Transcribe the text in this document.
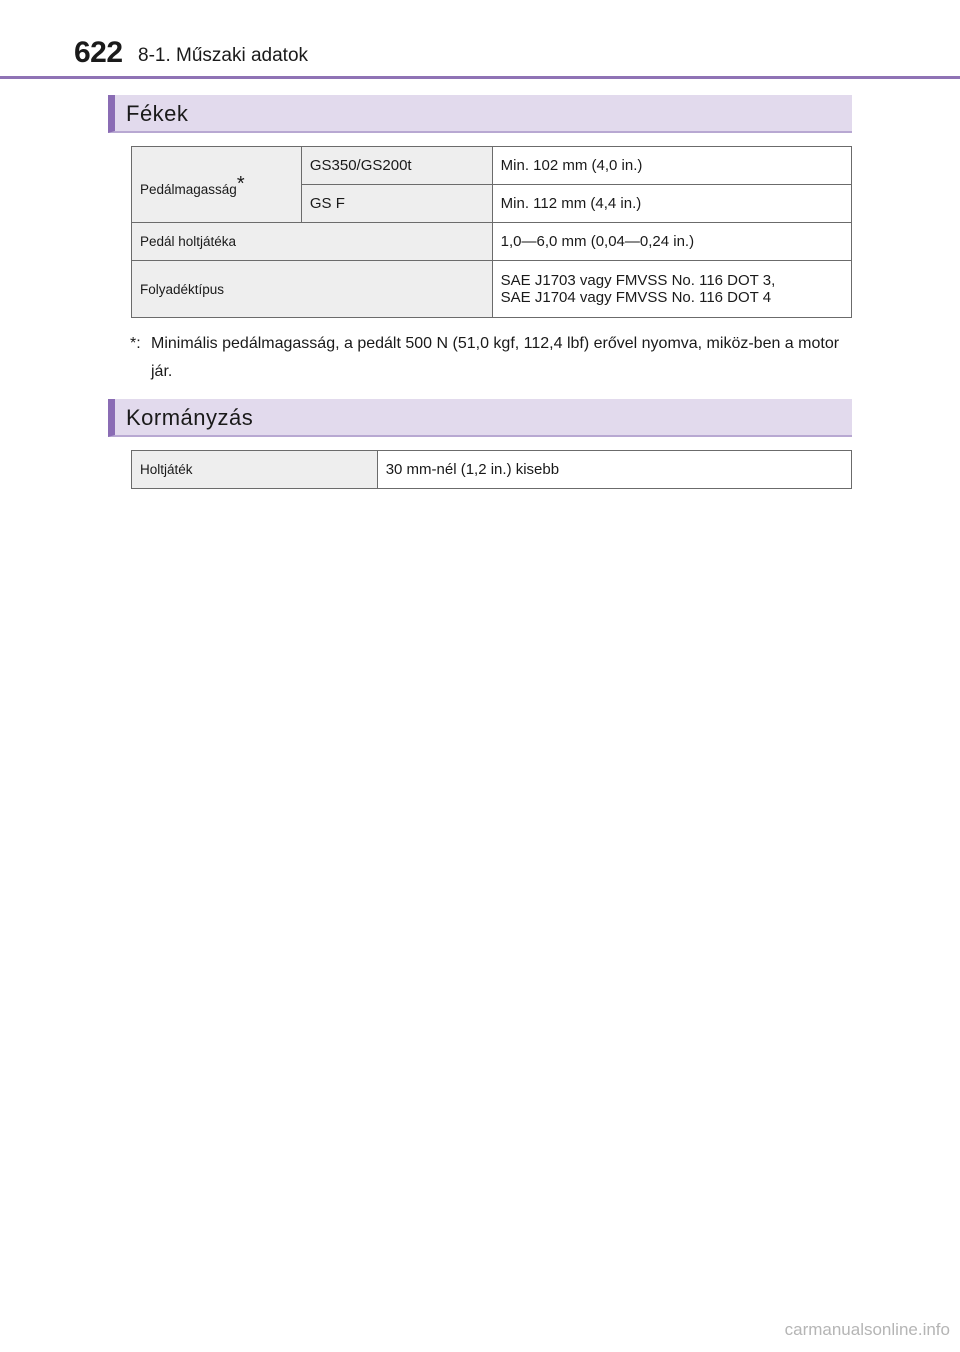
622 8-1. Műszaki adatok
Fékek
Pedálmagasság*	GS350/GS200t	Min. 102 mm (4,0 in.)
	GS F	Min. 112 mm (4,4 in.)
Pedál holtjátéka		1,0—6,0 mm (0,04—0,24 in.)
Folyadéktípus		SAE J1703 vagy FMVSS No. 116 DOT 3,
SAE J1704 vagy FMVSS No. 116 DOT 4
*: Minimális pedálmagasság, a pedált 500 N (51,0 kgf, 112,4 lbf) erővel nyomva, miköz-ben a motor jár.
Kormányzás
Holtjáték	30 mm-nél (1,2 in.) kisebb
carmanualsonline.info
